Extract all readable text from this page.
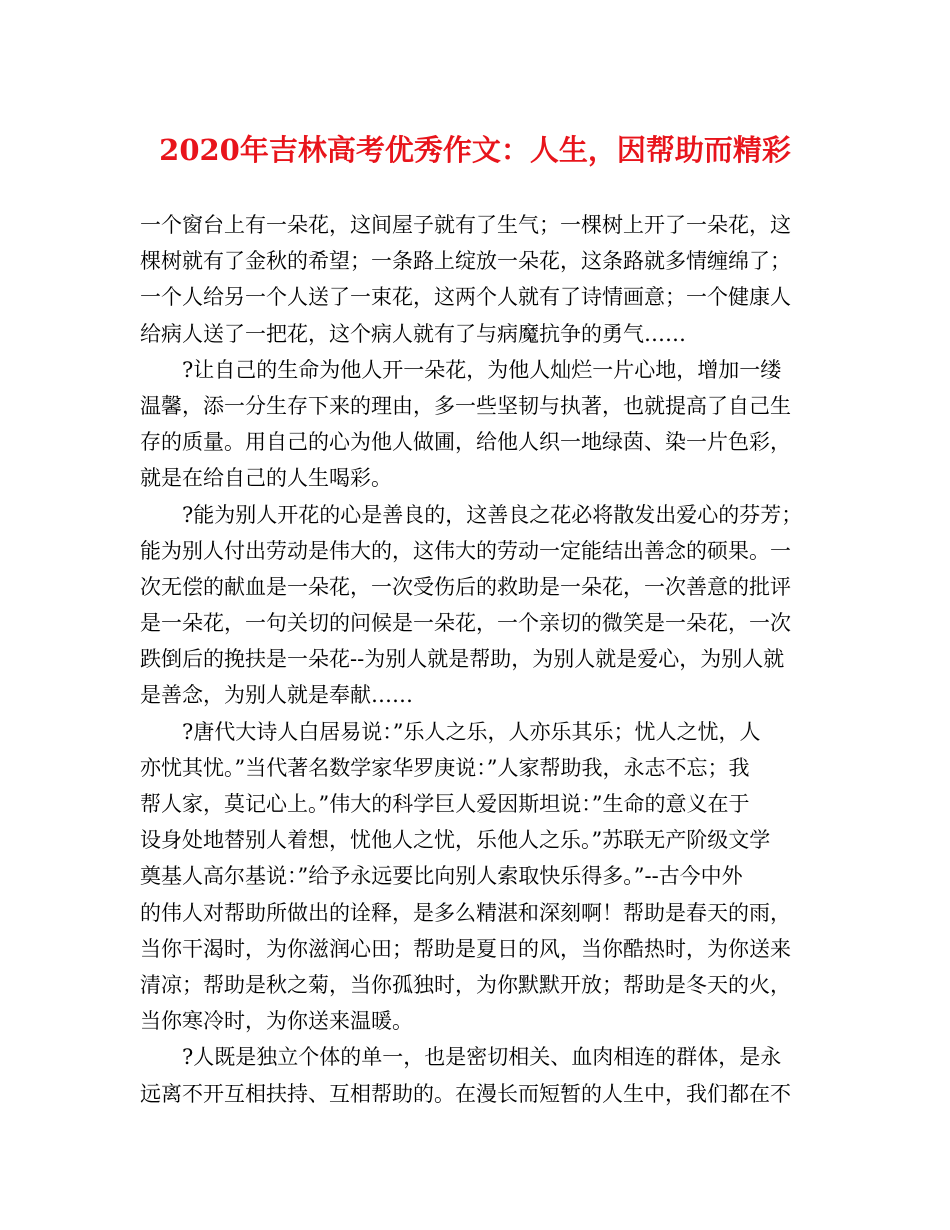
2020年吉林高考优秀作文：人生，因帮助而精彩
一个窗台上有一朵花，这间屋子就有了生气；一棵树上开了一朵花，这
棵树就有了金秋的希望；一条路上绽放一朵花，这条路就多情缠绵了；
一个人给另一个人送了一束花，这两个人就有了诗情画意；一个健康人
给病人送了一把花，这个病人就有了与病魔抗争的勇气……
?让自己的生命为他人开一朵花，为他人灿烂一片心地，增加一缕
温馨，添一分生存下来的理由，多一些坚韧与执著，也就提高了自己生
存的质量。用自己的心为他人做圃，给他人织一地绿茵、染一片色彩，
就是在给自己的人生喝彩。
?能为别人开花的心是善良的，这善良之花必将散发出爱心的芬芳；
能为别人付出劳动是伟大的，这伟大的劳动一定能结出善念的硕果。一
次无偿的献血是一朵花，一次受伤后的救助是一朵花，一次善意的批评
是一朵花，一句关切的问候是一朵花，一个亲切的微笑是一朵花，一次
跌倒后的挽扶是一朵花--为别人就是帮助，为别人就是爱心，为别人就
是善念，为别人就是奉献……
?唐代大诗人白居易说：”乐人之乐，人亦乐其乐；忧人之忧，人
亦忧其忧。”当代著名数学家华罗庚说：”人家帮助我，永志不忘；我
帮人家，莫记心上。”伟大的科学巨人爱因斯坦说：”生命的意义在于
设身处地替别人着想，忧他人之忧，乐他人之乐。”苏联无产阶级文学
奠基人高尔基说：”给予永远要比向别人索取快乐得多。”--古今中外
的伟人对帮助所做出的诠释，是多么精湛和深刻啊！帮助是春天的雨，
当你干渴时，为你滋润心田；帮助是夏日的风，当你酷热时，为你送来
清凉；帮助是秋之菊，当你孤独时，为你默默开放；帮助是冬天的火，
当你寒冷时，为你送来温暖。
?人既是独立个体的单一，也是密切相关、血肉相连的群体，是永
远离不开互相扶持、互相帮助的。在漫长而短暂的人生中，我们都在不
